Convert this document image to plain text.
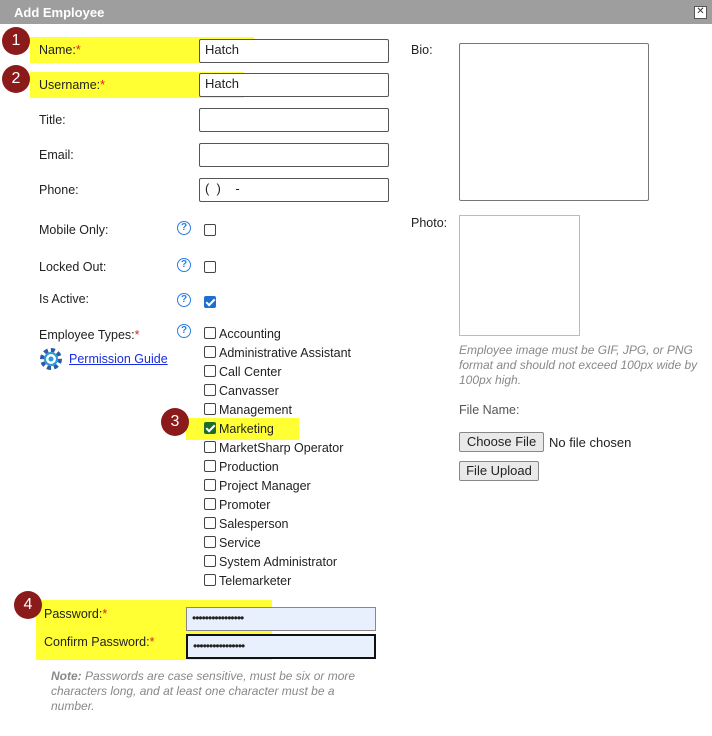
Add Employee	✕
1
2
3
4
Name:*	Hatch
Username:*	Hatch
Title:
Email:
Phone:	(  )    -
Mobile Only:	?
Locked Out:	?
Is Active:	?
Employee Types:*	?
Permission Guide
Accounting
Administrative Assistant
Call Center
Canvasser
Management
Marketing
MarketSharp Operator
Production
Project Manager
Promoter
Salesperson
Service
System Administrator
Telemarketer
Password:*	••••••••••••••••
Confirm Password:*	••••••••••••••••
Note: Passwords are case sensitive, must be six or more characters long, and at least one character must be a number.
Bio:
Photo:
Employee image must be GIF, JPG, or PNG format and should not exceed 100px wide by 100px high.
File Name:
Choose File No file chosen
File Upload
